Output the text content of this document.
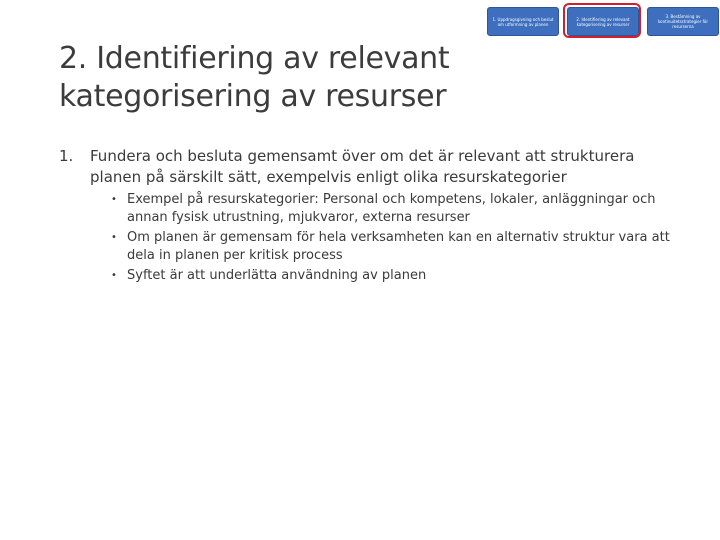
1. Uppdragsgivning och beslut om utformning av planen
2. Identifiering av relevant kategorisering av resurser
3. Bestämning av kontinuitetsstrategier för resurserna
2. Identifiering av relevant
kategorisering av resurser
1. Fundera och besluta gemensamt över om det är relevant att strukturera planen på särskilt sätt, exempelvis enligt olika resurskategorier
• Exempel på resurskategorier: Personal och kompetens, lokaler, anläggningar och annan fysisk utrustning, mjukvaror, externa resurser
• Om planen är gemensam för hela verksamheten kan en alternativ struktur vara att dela in planen per kritisk process
• Syftet är att underlätta användning av planen
